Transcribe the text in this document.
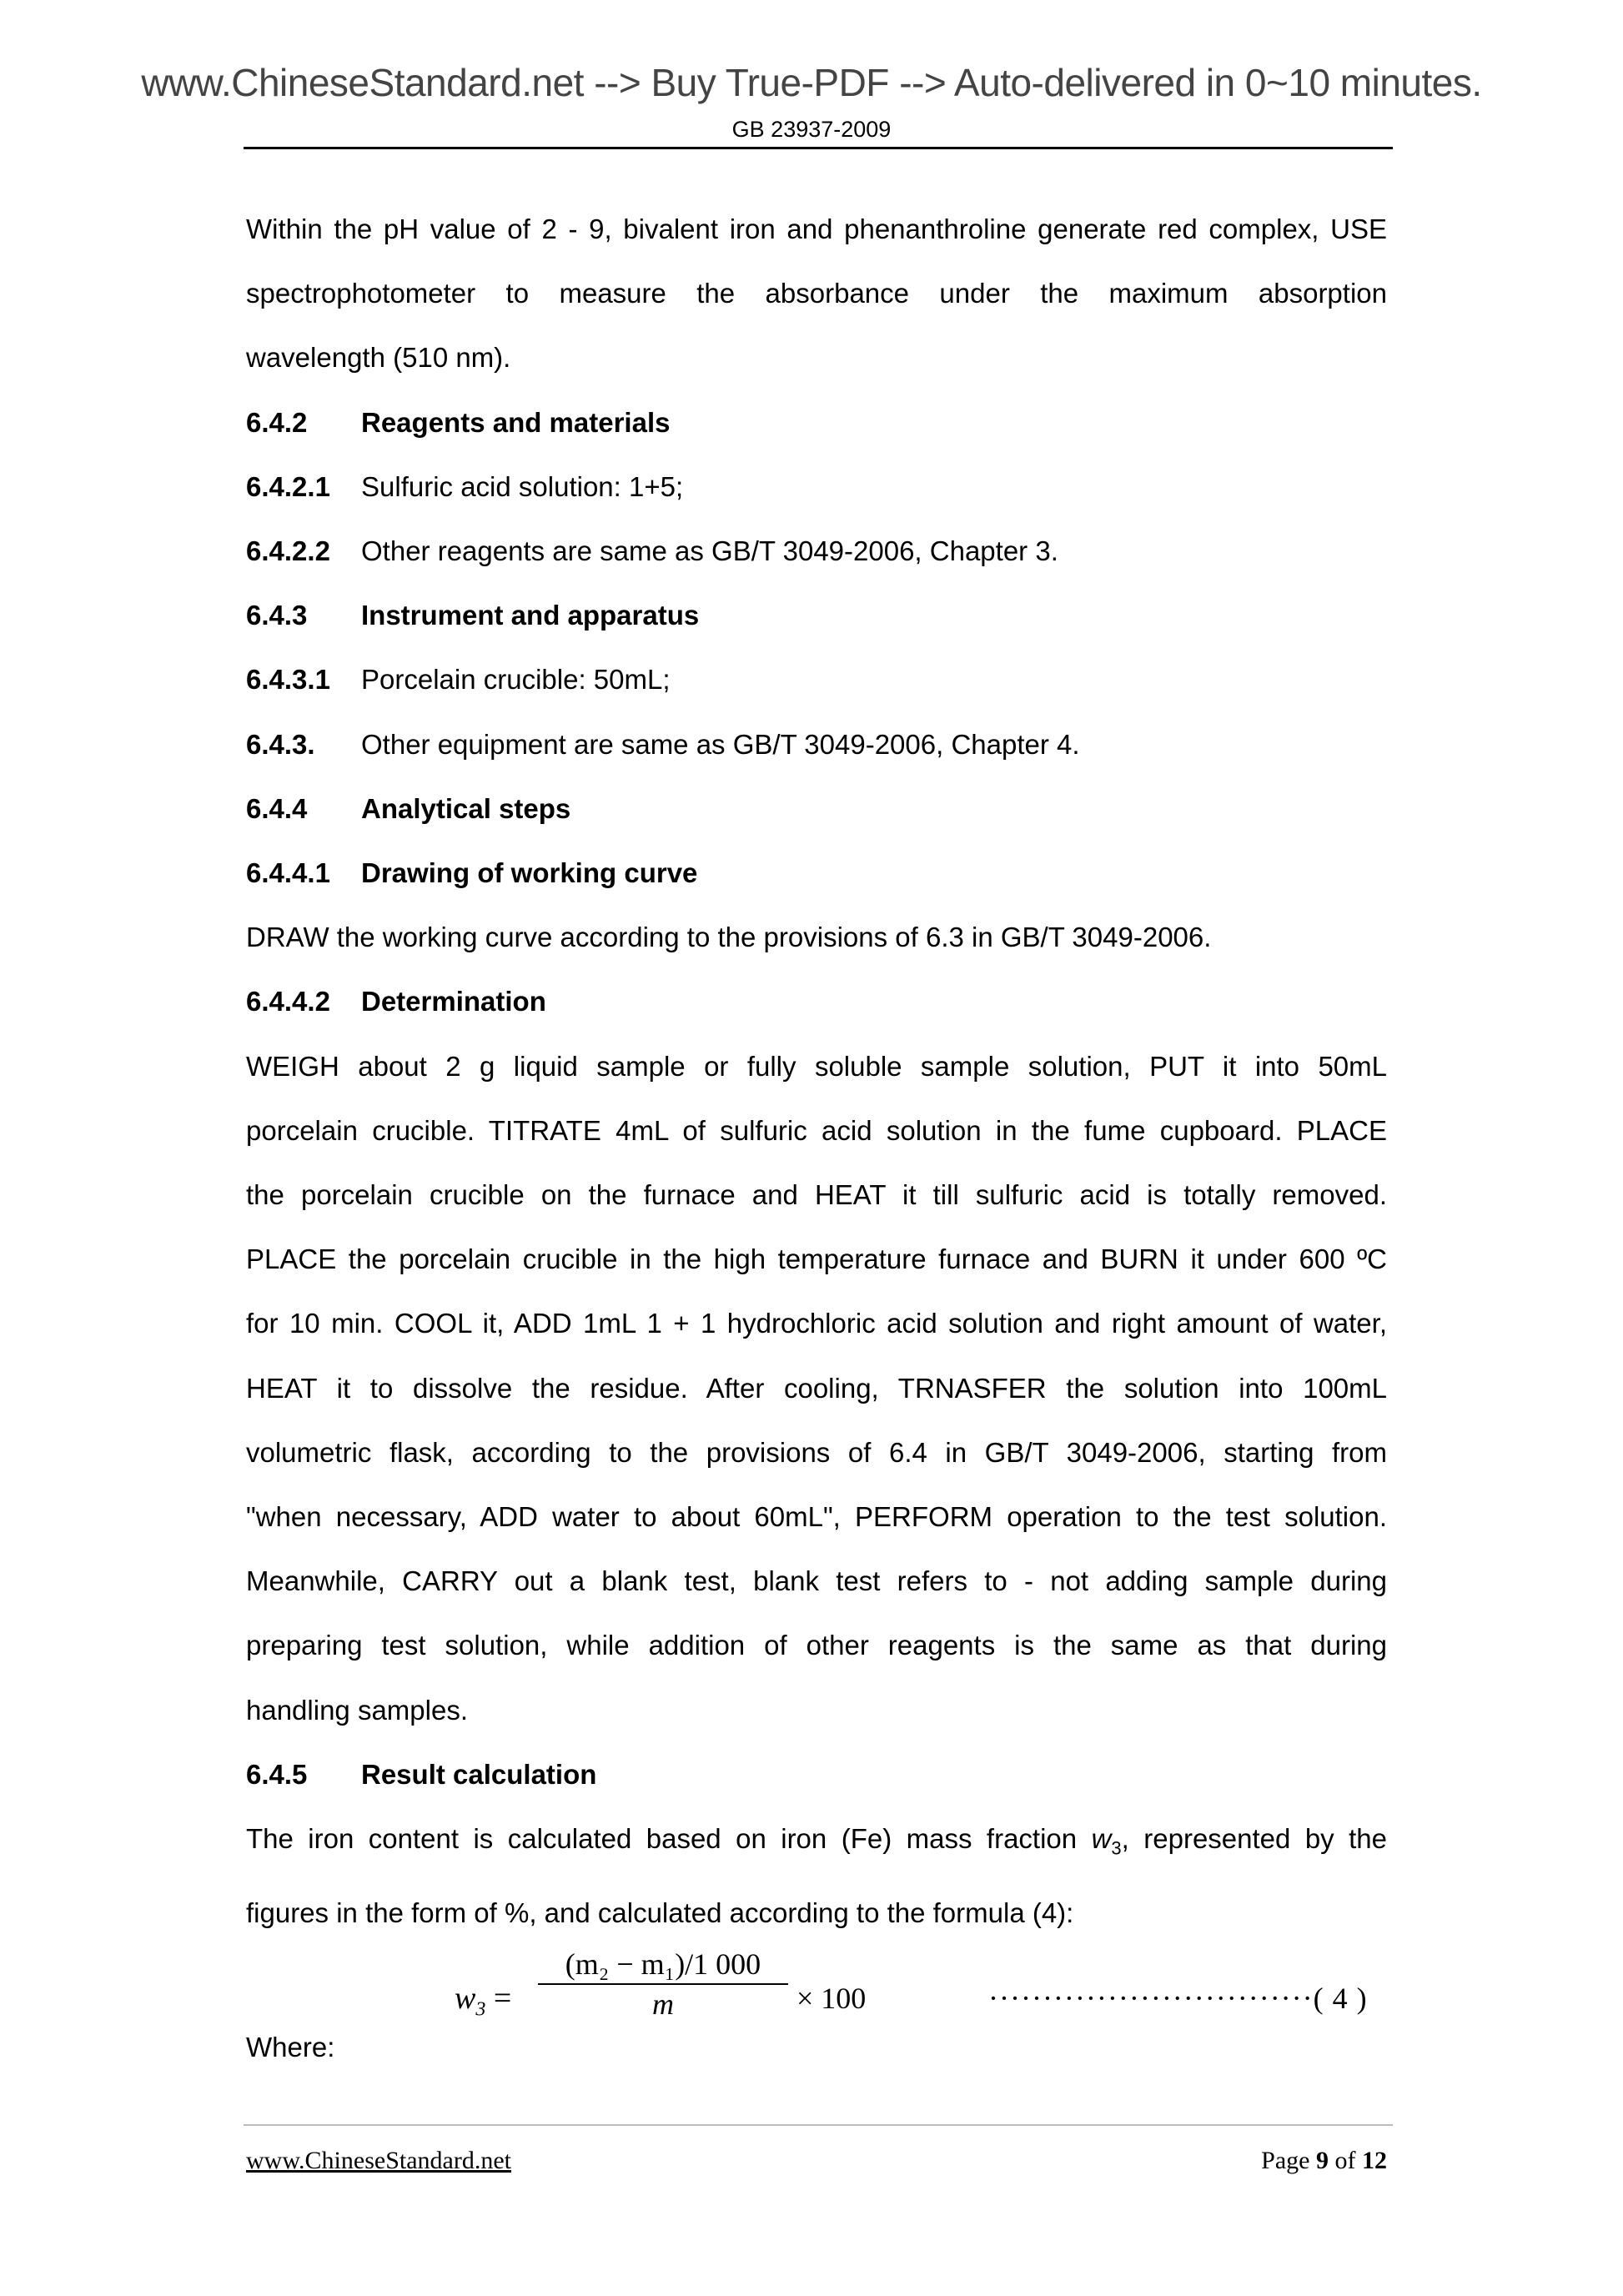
www.ChineseStandard.net --> Buy True-PDF --> Auto-delivered in 0~10 minutes.
GB 23937-2009
Within the pH value of 2 - 9, bivalent iron and phenanthroline generate red complex, USE
spectrophotometer to measure the absorbance under the maximum absorption
wavelength (510 nm).
6.4.2 Reagents and materials
6.4.2.1 Sulfuric acid solution: 1+5;
6.4.2.2 Other reagents are same as GB/T 3049-2006, Chapter 3.
6.4.3 Instrument and apparatus
6.4.3.1 Porcelain crucible: 50mL;
6.4.3. Other equipment are same as GB/T 3049-2006, Chapter 4.
6.4.4 Analytical steps
6.4.4.1 Drawing of working curve
DRAW the working curve according to the provisions of 6.3 in GB/T 3049-2006.
6.4.4.2 Determination
WEIGH about 2 g liquid sample or fully soluble sample solution, PUT it into 50mL
porcelain crucible. TITRATE 4mL of sulfuric acid solution in the fume cupboard. PLACE
the porcelain crucible on the furnace and HEAT it till sulfuric acid is totally removed.
PLACE the porcelain crucible in the high temperature furnace and BURN it under 600 ºC
for 10 min. COOL it, ADD 1mL 1 + 1 hydrochloric acid solution and right amount of water,
HEAT it to dissolve the residue. After cooling, TRNASFER the solution into 100mL
volumetric flask, according to the provisions of 6.4 in GB/T 3049-2006, starting from
"when necessary, ADD water to about 60mL", PERFORM operation to the test solution.
Meanwhile, CARRY out a blank test, blank test refers to - not adding sample during
preparing test solution, while addition of other reagents is the same as that during
handling samples.
6.4.5 Result calculation
The iron content is calculated based on iron (Fe) mass fraction $w_3$, represented by the
figures in the form of %, and calculated according to the formula (4):
$w_3 = \frac{\text{(m₂ − m₁)/1 000}}{m} \times 100$	······························( 4 )
Where:
www.ChineseStandard.net	Page 9 of 12
